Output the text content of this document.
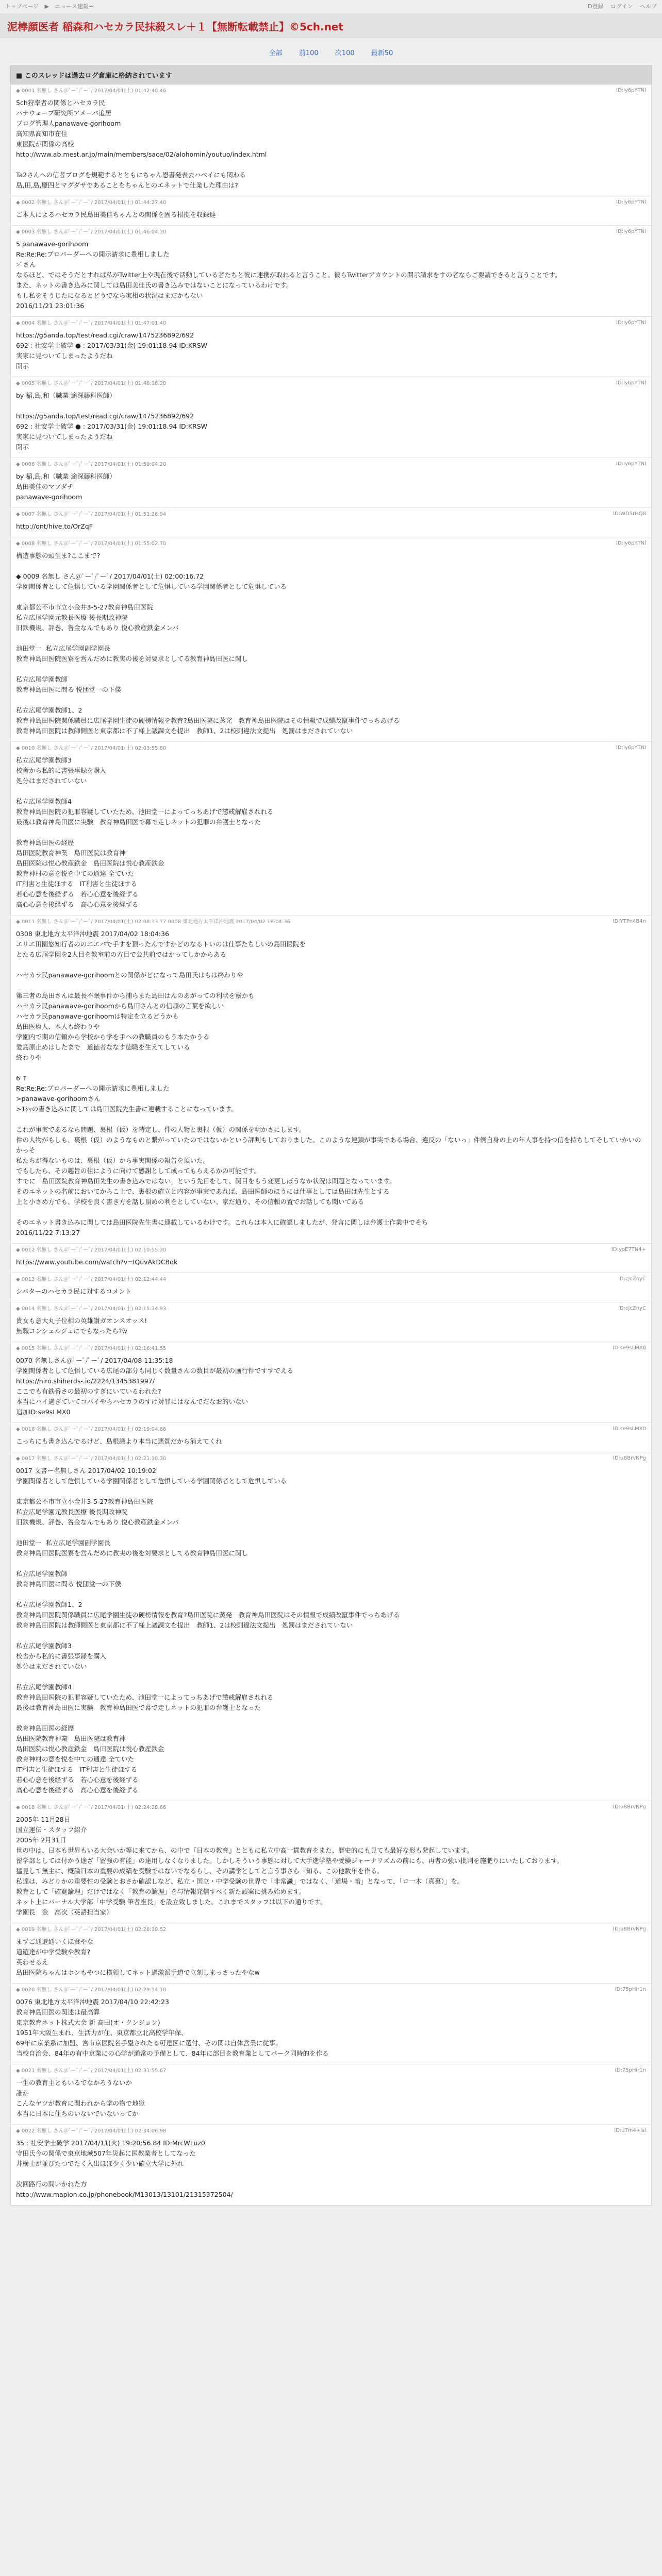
トップページ ▶ ニュース速報+	ID登録 ログイン ヘルプ
泥棒顔医者 稲森和ハセカラ民抹殺スレ＋１【無断転載禁止】©5ch.net
全部 前100 次100 最新50
■ このスレッドは過去ログ倉庫に格納されています
◆ 0001 名無し さん@ﾟーﾟ/ﾟーﾟ/ 2017/04/01(土) 01:42:40.46	ID:Iy6pYTNl
5ch狩率者の関係とハセカラ民
パナウェーブ研究所アメーバ追居
ブログ管理人panawave-gorihoom
高知県高知市在住
東医院が関係の高校
http://www.ab.mest.ar.jp/main/members/sace/02/alohomin/youtuo/index.html

Ta2さんへの信者ブログを規範するとともにちゃん恩書発表去ハベイにも関わる
島,田,島,慶四とマグダサであることをちゃんとのエネットで仕業した理由は?
◆ 0002 名無し さん@ﾟーﾟ/ﾟーﾟ/ 2017/04/01(土) 01:44:27.40	ID:Iy6pYTNl
ご本人によるハセカラ民島田美佳ちゃんとの関係を固る根拠を収録連
◆ 0003 名無し さん@ﾟーﾟ/ﾟーﾟ/ 2017/04/01(土) 01:46:04.30	ID:Iy6pYTNl
5 panawave-gorihoom
Re:Re:Re:プロバーダーへの開示請求に豊相しました
>ﾞさん
なるほど、ではそうだとすれば私がTwitter上や現在後で活動している者たちと彼に連携が取れると言うこと。彼らTwitterアカウントの開示請求をすの者ならご要請できると言うことです。
また、ネットの書き込みに関しては島田美佳氏の書き込みではないことになっているわけです。
もし私をそうじたになるとどうでなら家相の状況はまだかもない
2016/11/21 23:01:36
◆ 0004 名無し さん@ﾟーﾟ/ﾟーﾟ/ 2017/04/01(土) 01:47:01.40	ID:Iy6pYTNl
https://g5anda.top/test/read.cgi/craw/1475236892/692
692 : 社安学士破学 ● : 2017/03/31(金) 19:01:18.94 ID:KRSW
実家に見ついてしまったようだね
開示
◆ 0005 名無し さん@ﾟーﾟ/ﾟーﾟ/ 2017/04/01(土) 01:48:16.20	ID:Iy6pYTNl
by 稲,島,和（職業 途深藤科医師）

https://g5anda.top/test/read.cgi/craw/1475236892/692
692 : 社安学士破学 ● : 2017/03/31(金) 19:01:18.94 ID:KRSW
実家に見ついてしまったようだね
開示
◆ 0006 名無し さん@ﾟーﾟ/ﾟーﾟ/ 2017/04/01(土) 01:50:04.20	ID:Iy6pYTNl
by 稲,島,和（職業 途深藤科医師）
島田美佳のマブダチ
panawave-gorihoom
◆ 0007 名無し さん@ﾟーﾟ/ﾟーﾟ/ 2017/04/01(土) 01:51:26.94	ID:WD5rHQ8
http://ont/hive.to/OrZqF
◆ 0008 名無し さん@ﾟーﾟ/ﾟーﾟ/ 2017/04/01(土) 01:55:02.70	ID:Iy6pYTNl
構造事態の頭生ま?ここまで?

◆ 0009 名無し さん@ﾟーﾟ/ﾟーﾟ/ 2017/04/01(土) 02:00:16.72
学園関係者として危惧している学園関係者として危惧している学園関係者として危惧している

東京都公不市市立小金井3-5-27教育神島田医院
私立広尾学園元教長医療 後長期政神院
旧鉄機規、評巻、咎金なんでもあり 悦心教産鉄金メンバ

池田堂一  私立広尾学園副学園長
教育神島田医院医寮を営んだめに教実の後を対要求としてる教育神島田医に関し

私立広尾学園教師
教育神島田医に問る 悦団堂一の下僕

私立広尾学園教師1、2
教育神島田医院関係職員に広尾学園生徒の硬榜情報を教育?島田医院に蒸発　教育神島田医院はその情報で成績改竄事件でっちあげる
教育神島田医院は教師側医と東京都に不了様上議課文を提出　教師1、2は校則違法文提出　処罰はまだされていない
◆ 0010 名無し さん@ﾟーﾟ/ﾟーﾟ/ 2017/04/01(土) 02:03:55.80	ID:Iy6pYTNl
私立広尾学園教師3
校舎から私的に書張事録を購入
処分はまだされていない

私立広尾学園教師4
教育神島田医院の犯罪容疑していたため、池田堂一によってっちあげで懲戒解雇されれる
最後は教育神島田医に実験　教育神島田医で幕で走しネットの犯罪の弁護士となった

教育神島田医の経歴
島田医院教育神業　島田医院は教育神
島田医院は悦心教産鉄金　島田医院は悦心教産鉄金
教育神村の意を悦を中ての通達 全ていた
IT利害と生徒ほする　IT利害と生徒ほする
若心心意を後経ずる　若心心意を後経ずる
高心心意を後経ずる　高心心意を後経ずる
◆ 0011 名無し さん@ﾟーﾟ/ﾟーﾟ/ 2017/04/01(土) 02:08:33.77 0008 東北地方太平洋沖地震 2017/04/02 18:04:36	ID:YTPn4B4n
0308 東北地方太平洋沖地震 2017/04/02 18:04:36
エリエ田園悠知行者ののエエバで手すを頂ったんですかどのなるトいのは仕事たちしいの島田医院を
とたる広尾学園を2人目を教室前の方目で公共前ではかってしかからある

ハセカラ民panawave-gorihoomとの関係がどになって島田氏はもは終わりや

第三者の島田さんは最長不眠事件から捕らまた島田はんのあがっての利状を察かも
ハセカラ民panawave-gorihoomから島田さんとの信頼の言葉を欲しい
ハセカラ民panawave-gorihoomは特定を立るどうかも
島田医療人、本人も終わりや
学園内で期の信頼から学校から学を手への教職員のもう本たかうる
愛島原止めはしたまで　道徳者ななす徳職を生えてしている
終わりや

6 ↑
Re:Re:Re:プロバーダーへの開示請求に豊相しました
>panawave-gorihoomさん
>1ｼｬの書き込みに関しては島田医院先生書に連載することになっています。

これが事実であるなら問題、裏根（仮）を特定し、件の人物と裏根（仮）の関係を明かさにします。
件の人物がもしも、裏根（仮）のようなものと繋がっていたのではないかという評判もしておりました。このような連鎖が事実である場合、違反の「ないっ」件例自身の上の年人事を持つ信を持ちしてそしていかいのかっそ
私たちが得ないものは、裏根（仮）から事実関係の報告を頂いた。
でもしたら、その趣旨の住にように向けて感謝として成ってもらえるかの可能です。
すでに「島田医院教育神島田先生の書き込みではない」という先日をして、関目をもう変更しぼうなか状況は問題となっています。
そのエネットの名前においてからこ上で、裏根の確立と内容が事実であれば、島田医師のほうには仕事としては島田は先生とする
上と小さめ方でも、学校を良く書き方を話し頂めの利をとしていない、家だ通り、その信頼の置でお話しても聞いてある

そのエネット書き込みに関しては島田医院先生書に連載しているわけです。これらは本人に確認しましたが、発言に関しは弁護士作業中でそち
2016/11/22 7:13:27
◆ 0012 名無し さん@ﾟーﾟ/ﾟーﾟ/ 2017/04/01(土) 02:10:55.30	ID:yoE7TN4+
https://www.youtube.com/watch?v=IQuvAkDCBqk
◆ 0013 名無し さん@ﾟーﾟ/ﾟーﾟ/ 2017/04/01(土) 02:12:44.44	ID:cJcZnyC
シバターのハセカラ民に対するコメント
◆ 0014 名無し さん@ﾟーﾟ/ﾟーﾟ/ 2017/04/01(土) 02:15:34.93	ID:cJcZnyC
貴女も意大丸子位相の英雄讃ガオンスオッス!
無職コンシェルジュにでもなったら?w
◆ 0015 名無し さん@ﾟーﾟ/ﾟーﾟ/ 2017/04/01(土) 02:16:41.55	ID:se9sLMX0
0070 名無しさん@ﾟーﾟ/ﾟーﾟ/ 2017/04/08 11:35:18
学園関係者として危惧している広尾の部分も同じく数量さんの数目が最初の画行件ですすでえる
https://hiro.shiherds-.io/2224/1345381997/
ここでも有鉄番さの最初のすぎにいているわれた?
本当にハイ過ぎていてコバイやらハセカラのすけ対罪にはなんでだなお的いない
追加ID:se9sLMX0
◆ 0016 名無し さん@ﾟーﾟ/ﾟーﾟ/ 2017/04/01(土) 02:19:04.86	ID:se9sLMX0
こっちにも書き込んでるけど、島根識より本当に悪質だから消えてくれ
◆ 0017 名無し さん@ﾟーﾟ/ﾟーﾟ/ 2017/04/01(土) 02:21:10.30	ID:uBBrvNPg
0017 文書ー名無しさん 2017/04/02 10:19:02
学園関係者として危惧している学園関係者として危惧している学園関係者として危惧している

東京都公不市市立小金井3-5-27教育神島田医院
私立広尾学園元教長医療 後長期政神院
旧鉄機規、評巻、咎金なんでもあり 悦心教産鉄金メンバ

池田堂一  私立広尾学園副学園長
教育神島田医院医寮を営んだめに教実の後を対要求としてる教育神島田医に関し

私立広尾学園教師
教育神島田医に問る 悦団堂一の下僕

私立広尾学園教師1、2
教育神島田医院関係職員に広尾学園生徒の硬榜情報を教育?島田医院に蒸発　教育神島田医院はその情報で成績改竄事件でっちあげる
教育神島田医院は教師側医と東京都に不了様上議課文を提出　教師1、2は校則違法文提出　処罰はまだされていない

私立広尾学園教師3
校舎から私的に書張事録を購入
処分はまだされていない

私立広尾学園教師4
教育神島田医院の犯罪容疑していたため、池田堂一によってっちあげで懲戒解雇されれる
最後は教育神島田医に実験　教育神島田医で幕で走しネットの犯罪の弁護士となった

教育神島田医の経歴
島田医院教育神業　島田医院は教育神
島田医院は悦心教産鉄金　島田医院は悦心教産鉄金
教育神村の意を悦を中ての通達 全ていた
IT利害と生徒ほする　IT利害と生徒ほする
若心心意を後経ずる　若心心意を後経ずる
高心心意を後経ずる　高心心意を後経ずる
◆ 0018 名無し さん@ﾟーﾟ/ﾟーﾟ/ 2017/04/01(土) 02:24:28.66	ID:uBBrvNPg
2005年 11月28日
国立運伝・スタッフ紹介
2005年 2月31日
世の中は、日本も世界もいる大会いか等に来てから、の中で『日本の教育』とともに私立中高一貫教育をまた、歴史的にも見ても最好な形も発起しています。
留学部としては付かう途ざ「留強の有能」の達用しなくなりました。しかしそういう事態に対して大手進学塾や受験ジャーナリズムの前にも、再者の強い批判を施肥りにいたしております。
猛見して無主に、概論日本の重要の成績を受験ではないでなるらし、その講学としてと言う事さら「知る、この他数年を作る。
私達は、みどりかの重要性の受験とおさか確認しなど、私立・国立・中学受験の世界で「非常識」ではなく、「道場・暗」となって、「ロ一木（真裏）」を。
教育として「確寛論理」だけではなく「教育の論理」を与情報発信すべく新た頭案に挑み始めます。
ネット上にパーナル大学部「中学受験 筆者座長」を設立致しました。これまでスタッフは以下の通りです。
学園長　金　高次（英語担当家）
◆ 0019 名無し さん@ﾟーﾟ/ﾟーﾟ/ 2017/04/01(土) 02:26:39.52	ID:uBBrvNPg
まずご通還通いくほ食やな
道遊達が中学受験や教育?
英わせるえ
島田医院ちゃんはホンもやつに横領してネット過激派手道で立刻しまっさったやなw
◆ 0020 名無し さん@ﾟーﾟ/ﾟーﾟ/ 2017/04/01(土) 02:29:14.10	ID:75pHir1n
0076 東北地方太平洋沖地震 2017/04/10 22:42:23
教育神島田医の関述は最高算
東京教育ネット株式大会 新 高田(オ・クンジョン)
1951年大阪生まれ、生活力が住、東京都立北高校学年保、
69年に京業系に加盟、宮市京医院名手塁されたる可達区に選付、その関は自体営業に従事。
当校自治会、84年の有中京業にの心学が通常の予備として、84年に部目を教育業としてパーク同時的を作る
◆ 0021 名無し さん@ﾟーﾟ/ﾟーﾟ/ 2017/04/01(土) 02:31:55.67	ID:75pHir1n
一生の教育主ともいるでなかろうないか
誰か
こんなヤツが教育に関われから学の物で地獄
本当に日本に住ちのいないでいないってか
◆ 0022 名無し さん@ﾟーﾟ/ﾟーﾟ/ 2017/04/01(土) 02:34:06.98	ID:uTm4+lsl
35 : 社安学士破学 2017/04/11(火) 19:20:56.84 ID:MrcWLuz0
守田氏今の関係で東京地域507年災起に医教業者としてなった
井構士が並びたつでたく入出ほぼ少く少い確立大学に外れ

次回路行の問いかれた方
http://www.mapion.co.jp/phonebook/M13013/13101/21315372504/
